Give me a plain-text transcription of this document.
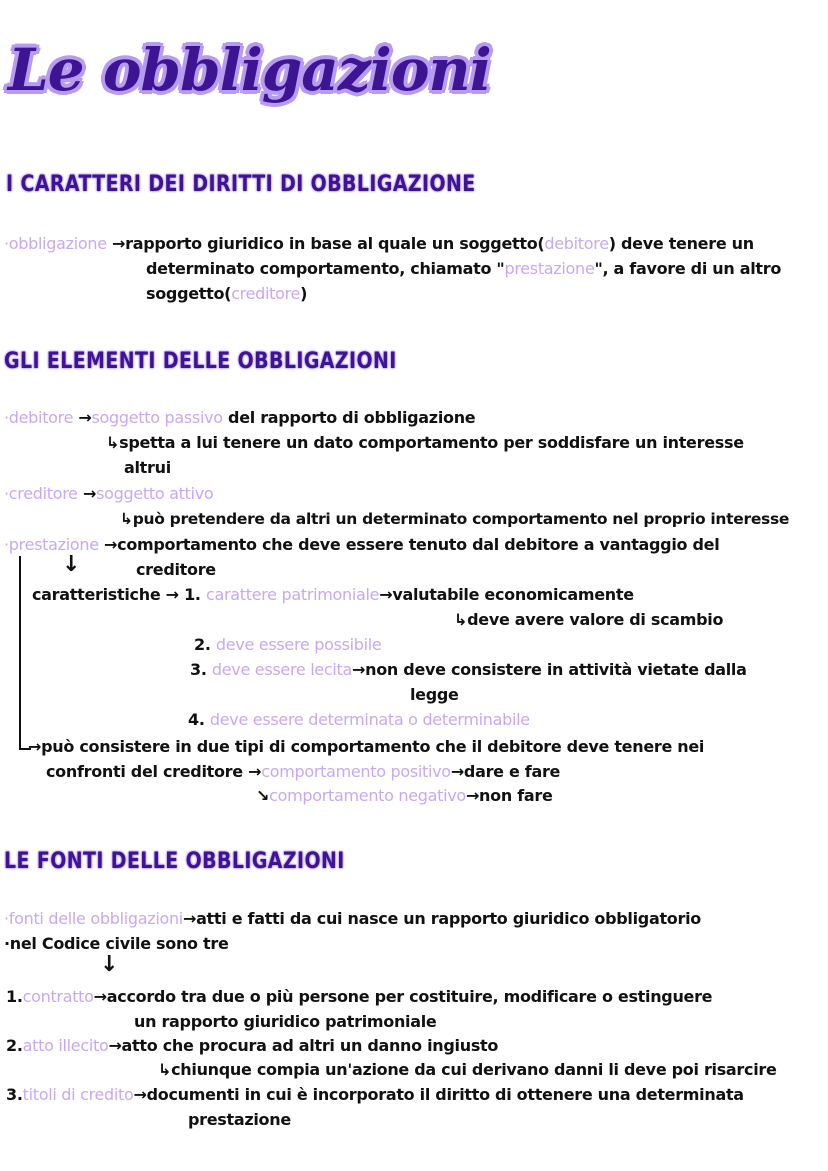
Le obbligazioni
I CARATTERI DEI DIRITTI DI OBBLIGAZIONE
·obbligazione →rapporto giuridico in base al quale un soggetto(debitore) deve tenere un
determinato comportamento, chiamato "prestazione", a favore di un altro
soggetto(creditore)
GLI ELEMENTI DELLE OBBLIGAZIONI
·debitore →soggetto passivo del rapporto di obbligazione
↳spetta a lui tenere un dato comportamento per soddisfare un interesse
altrui
·creditore →soggetto attivo
↳può pretendere da altri un determinato comportamento nel proprio interesse
·prestazione →comportamento che deve essere tenuto dal debitore a vantaggio del
creditore
↓
caratteristiche → 1. carattere patrimoniale→valutabile economicamente
↳deve avere valore di scambio
2. deve essere possibile
3. deve essere lecita→non deve consistere in attività vietate dalla
legge
4. deve essere determinata o determinabile
→può consistere in due tipi di comportamento che il debitore deve tenere nei
confronti del creditore →comportamento positivo→dare e fare
↘comportamento negativo→non fare
LE FONTI DELLE OBBLIGAZIONI
·fonti delle obbligazioni→atti e fatti da cui nasce un rapporto giuridico obbligatorio
·nel Codice civile sono tre
↓
1.contratto→accordo tra due o più persone per costituire, modificare o estinguere
un rapporto giuridico patrimoniale
2.atto illecito→atto che procura ad altri un danno ingiusto
↳chiunque compia un'azione da cui derivano danni li deve poi risarcire
3.titoli di credito→documenti in cui è incorporato il diritto di ottenere una determinata
prestazione
